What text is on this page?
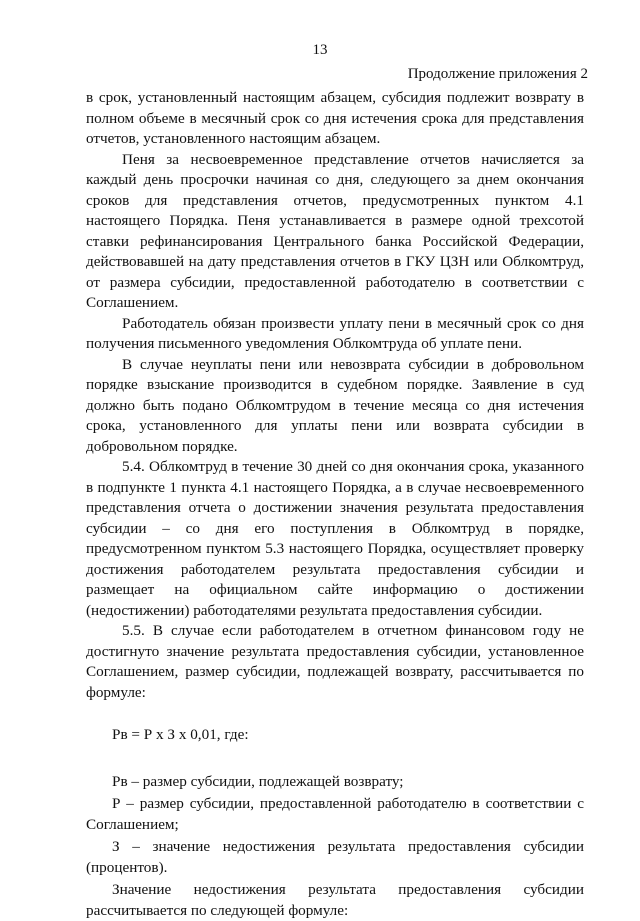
13
Продолжение приложения 2

в срок, установленный настоящим абзацем, субсидия подлежит возврату в полном объеме в месячный срок со дня истечения срока для представления отчетов, установленного настоящим абзацем.

Пеня за несвоевременное представление отчетов начисляется за каждый день просрочки начиная со дня, следующего за днем окончания сроков для представления отчетов, предусмотренных пунктом 4.1 настоящего Порядка. Пеня устанавливается в размере одной трехсотой ставки рефинансирования Центрального банка Российской Федерации, действовавшей на дату представления отчетов в ГКУ ЦЗН или Облкомтруд, от размера субсидии, предоставленной работодателю в соответствии с Соглашением.

Работодатель обязан произвести уплату пени в месячный срок со дня получения письменного уведомления Облкомтруда об уплате пени.

В случае неуплаты пени или невозврата субсидии в добровольном порядке взыскание производится в судебном порядке. Заявление в суд должно быть подано Облкомтрудом в течение месяца со дня истечения срока, установленного для уплаты пени или возврата субсидии в добровольном порядке.

5.4. Облкомтруд в течение 30 дней со дня окончания срока, указанного в подпункте 1 пункта 4.1 настоящего Порядка, а в случае несвоевременного представления отчета о достижении значения результата предоставления субсидии – со дня его поступления в Облкомтруд в порядке, предусмотренном пунктом 5.3 настоящего Порядка, осуществляет проверку достижения работодателем результата предоставления субсидии и размещает на официальном сайте информацию о достижении (недостижении) работодателями результата предоставления субсидии.

5.5. В случае если работодателем в отчетном финансовом году не достигнуто значение результата предоставления субсидии, установленное Соглашением, размер субсидии, подлежащей возврату, рассчитывается по формуле:

Рв = Р х З х 0,01, где:

Рв – размер субсидии, подлежащей возврату;

Р – размер субсидии, предоставленной работодателю в соответствии с Соглашением;

З – значение недостижения результата предоставления субсидии (процентов).

Значение недостижения результата предоставления субсидии рассчитывается по следующей формуле:
